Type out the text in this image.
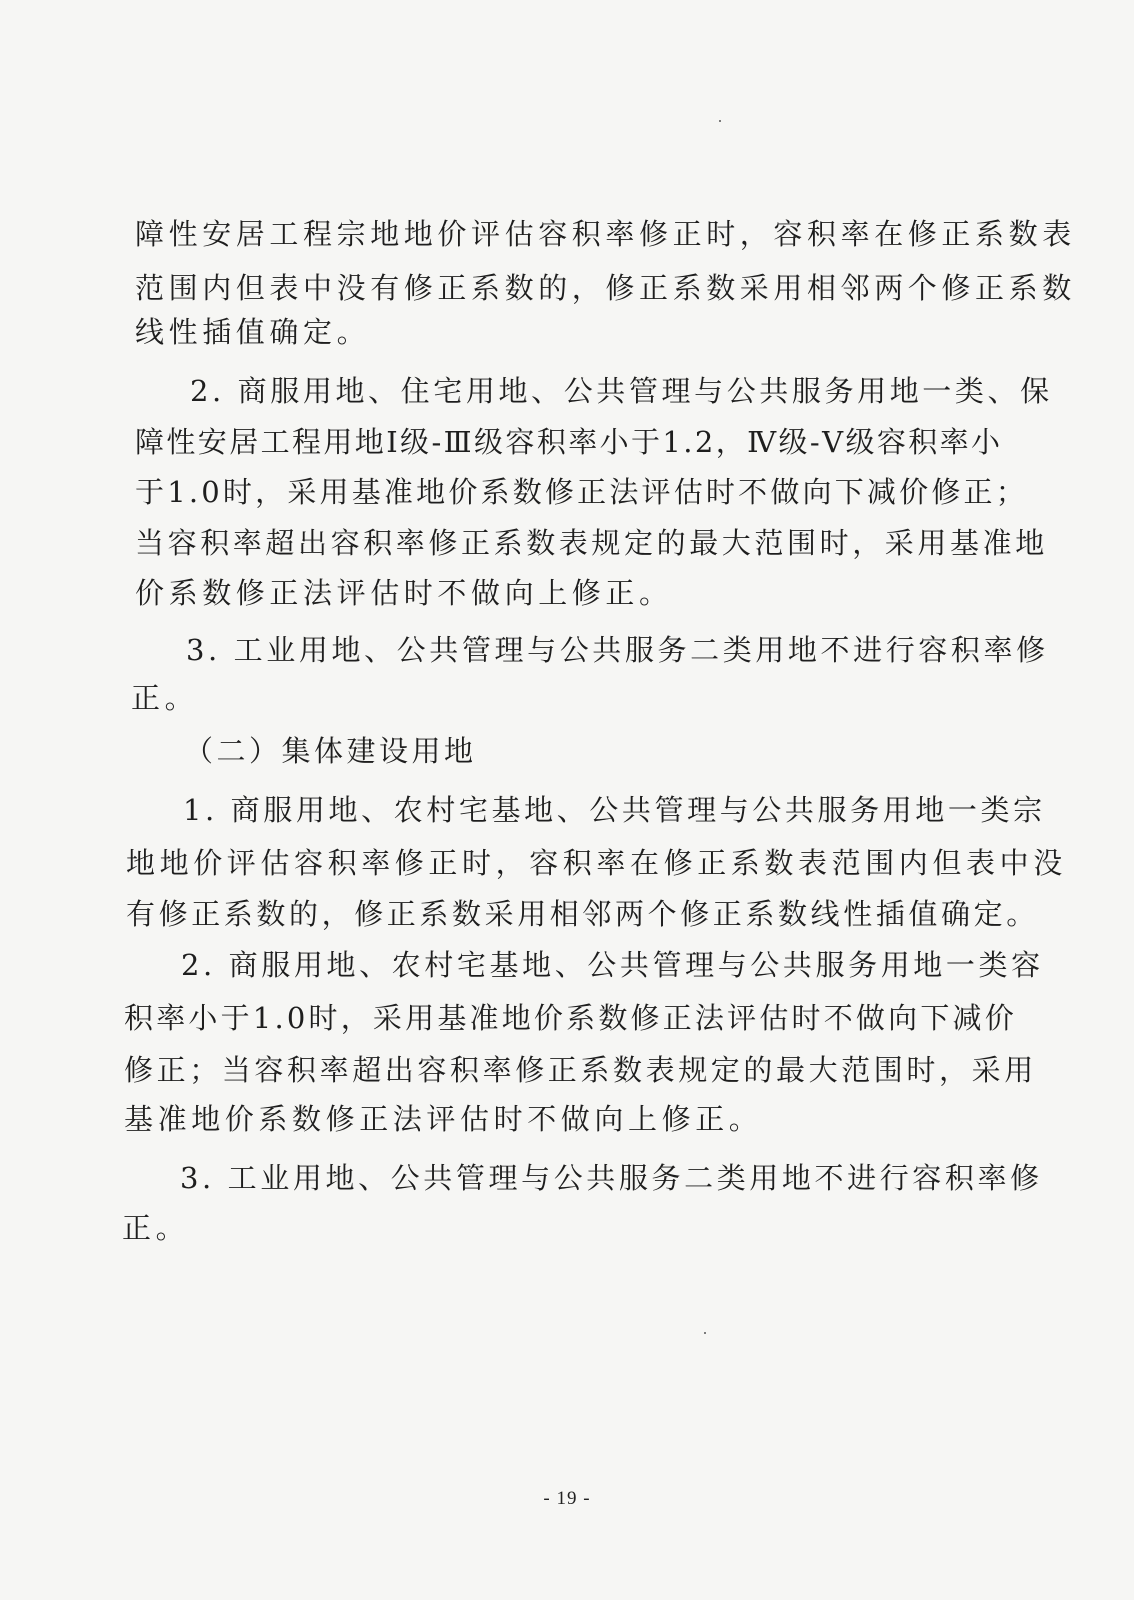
障性安居工程宗地地价评估容积率修正时，容积率在修正系数表
范围内但表中没有修正系数的，修正系数采用相邻两个修正系数
线性插值确定。
2. 商服用地、住宅用地、公共管理与公共服务用地一类、保
障性安居工程用地Ⅰ级-Ⅲ级容积率小于1.2，Ⅳ级-Ⅴ级容积率小
于1.0时，采用基准地价系数修正法评估时不做向下减价修正；
当容积率超出容积率修正系数表规定的最大范围时，采用基准地
价系数修正法评估时不做向上修正。
3. 工业用地、公共管理与公共服务二类用地不进行容积率修
正。
（二）集体建设用地
1. 商服用地、农村宅基地、公共管理与公共服务用地一类宗
地地价评估容积率修正时，容积率在修正系数表范围内但表中没
有修正系数的，修正系数采用相邻两个修正系数线性插值确定。
2. 商服用地、农村宅基地、公共管理与公共服务用地一类容
积率小于1.0时，采用基准地价系数修正法评估时不做向下减价
修正；当容积率超出容积率修正系数表规定的最大范围时，采用
基准地价系数修正法评估时不做向上修正。
3. 工业用地、公共管理与公共服务二类用地不进行容积率修
正。
- 19 -
